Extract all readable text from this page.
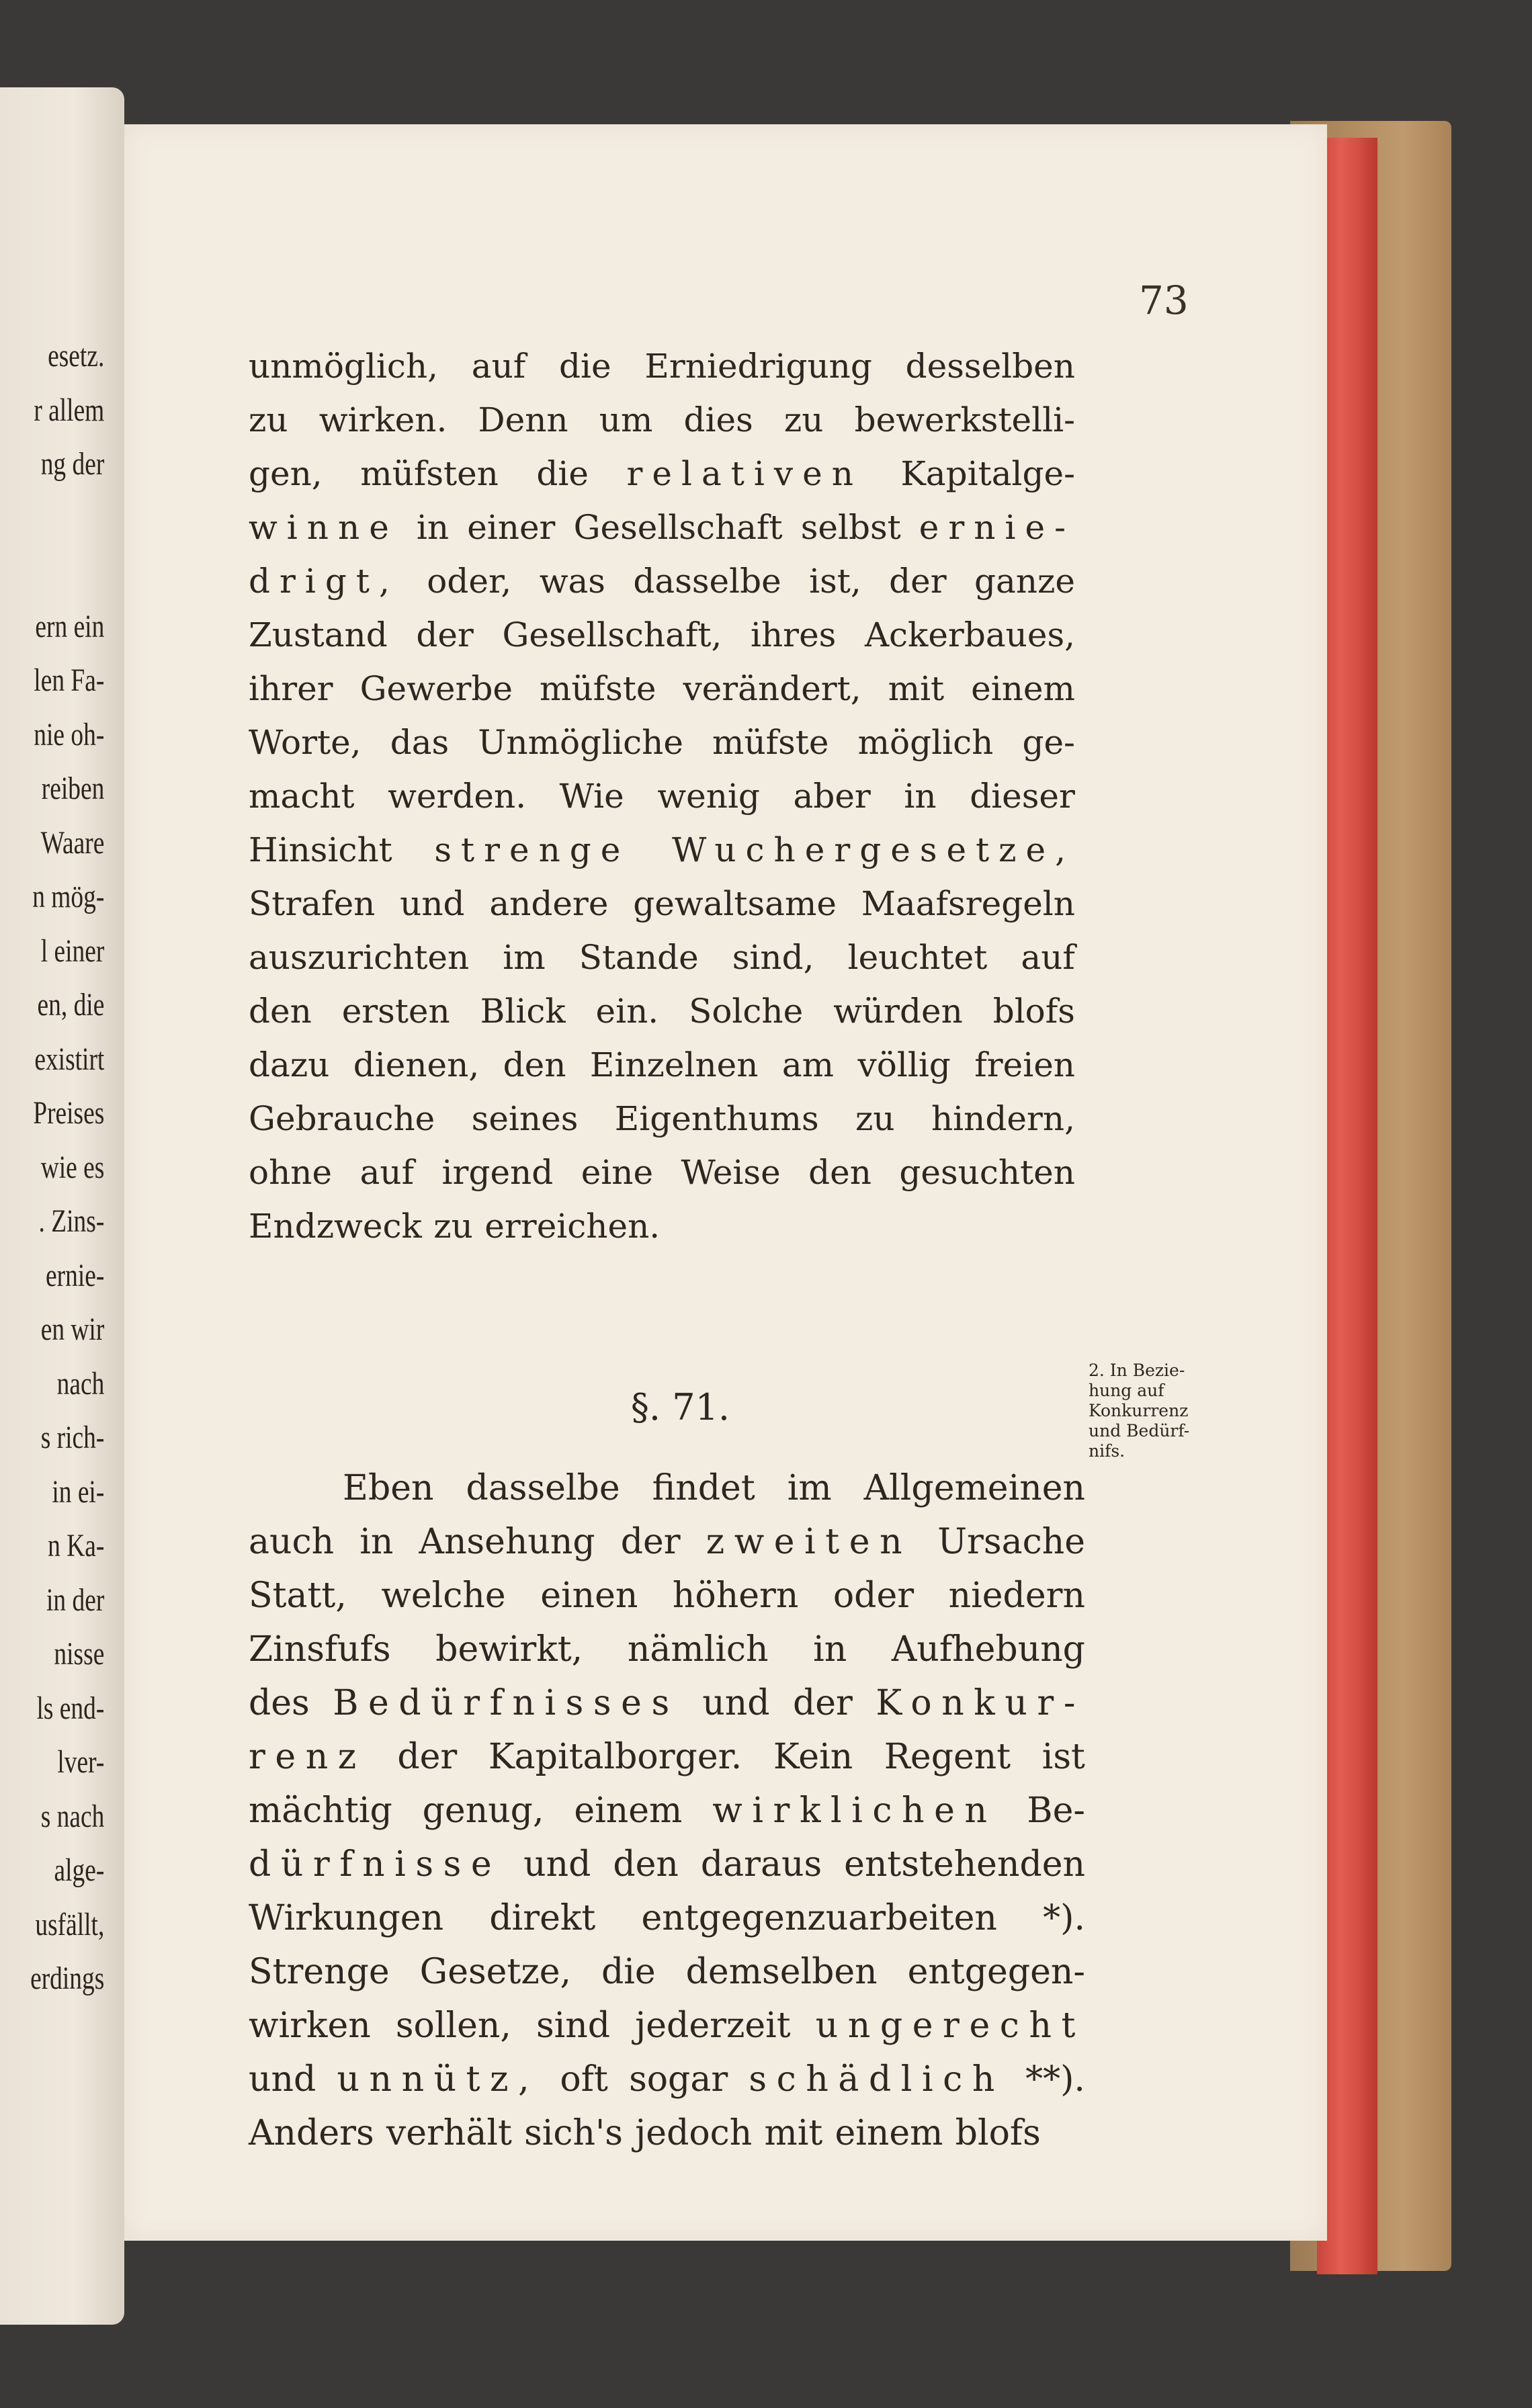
esetz.
r allem
ng der

ern ein
len Fa-
nie oh-
reiben
Waare
n mög-
l einer
en, die
existirt
Preises
wie es
. Zins-
ernie-
en wir
nach
s rich-
in ei-
n Ka-
in der
nisse
ls end-
lver-
s nach
alge-
usfällt,
erdings
73
unmöglich, auf die Erniedrigung desselben
zu wirken. Denn um dies zu bewerkstelli-
gen, müfsten die relativen Kapitalge-
winne in einer Gesellschaft selbst ernie-
drigt, oder, was dasselbe ist, der ganze
Zustand der Gesellschaft, ihres Ackerbaues,
ihrer Gewerbe müfste verändert, mit einem
Worte, das Unmögliche müfste möglich ge-
macht werden. Wie wenig aber in dieser
Hinsicht strenge Wuchergesetze,
Strafen und andere gewaltsame Maafsregeln
auszurichten im Stande sind, leuchtet auf
den ersten Blick ein. Solche würden blofs
dazu dienen, den Einzelnen am völlig freien
Gebrauche seines Eigenthums zu hindern,
ohne auf irgend eine Weise den gesuchten
Endzweck zu erreichen.
§. 71.
Eben dasselbe findet im Allgemeinen
auch in Ansehung der zweiten Ursache
Statt, welche einen höhern oder niedern
Zinsfufs bewirkt, nämlich in Aufhebung
des Bedürfnisses und der Konkur-
renz der Kapitalborger. Kein Regent ist
mächtig genug, einem wirklichen Be-
dürfnisse und den daraus entstehenden
Wirkungen direkt entgegenzuarbeiten *).
Strenge Gesetze, die demselben entgegen-
wirken sollen, sind jederzeit ungerecht
und unnütz, oft sogar schädlich **).
Anders verhält sich's jedoch mit einem blofs
2. In Bezie-
hung auf
Konkurrenz
und Bedürf-
nifs.
